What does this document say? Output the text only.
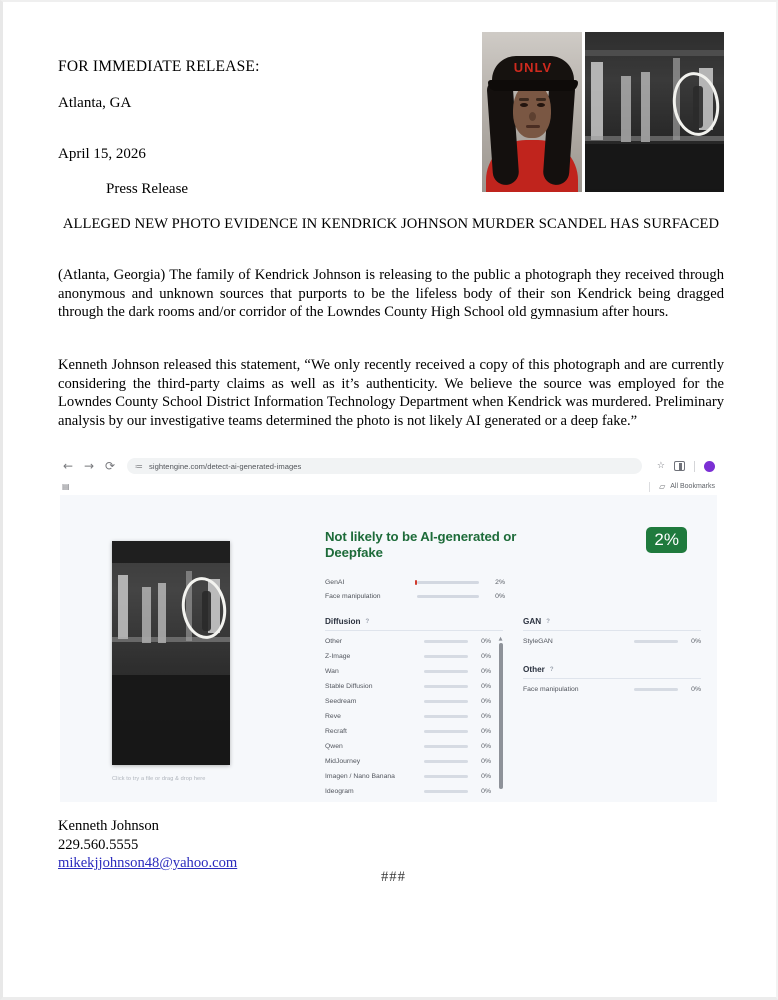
UNLV
FOR IMMEDIATE RELEASE:
Atlanta, GA
April 15, 2026
Press Release
ALLEGED NEW PHOTO EVIDENCE IN KENDRICK JOHNSON MURDER SCANDEL HAS SURFACED
(Atlanta, Georgia) The family of Kendrick Johnson is releasing to the public a photograph they received through anonymous and unknown sources that purports to be the lifeless body of their son Kendrick being dragged through the dark rooms and/or corridor of the Lowndes County High School old gymnasium after hours.
Kenneth Johnson released this statement, “We only recently received a copy of this photograph and are currently considering the third-party claims as well as it’s authenticity. We believe the source was employed for the Lowndes County School District Information Technology Department when Kendrick was murdered. Preliminary analysis by our investigative teams determined the photo is not likely AI generated or a deep fake.”
← → ⟳ ≔ sightengine.com/detect-ai-generated-images	☆
▤	▱ All Bookmarks
Click to try a file or drag & drop here
Not likely to be AI-generated or Deepfake
2%
GenAI	2%
Face manipulation	0%
Diffusion ?
Other	0%
Z-Image	0%
Wan	0%
Stable Diffusion	0%
Seedream	0%
Reve	0%
Recraft	0%
Qwen	0%
MidJourney	0%
Imagen / Nano Banana	0%
Ideogram	0%
▲
GAN ?
StyleGAN	0%
Other ?
Face manipulation	0%
Kenneth Johnson
229.560.5555
mikekjjohnson48@yahoo.com
###
